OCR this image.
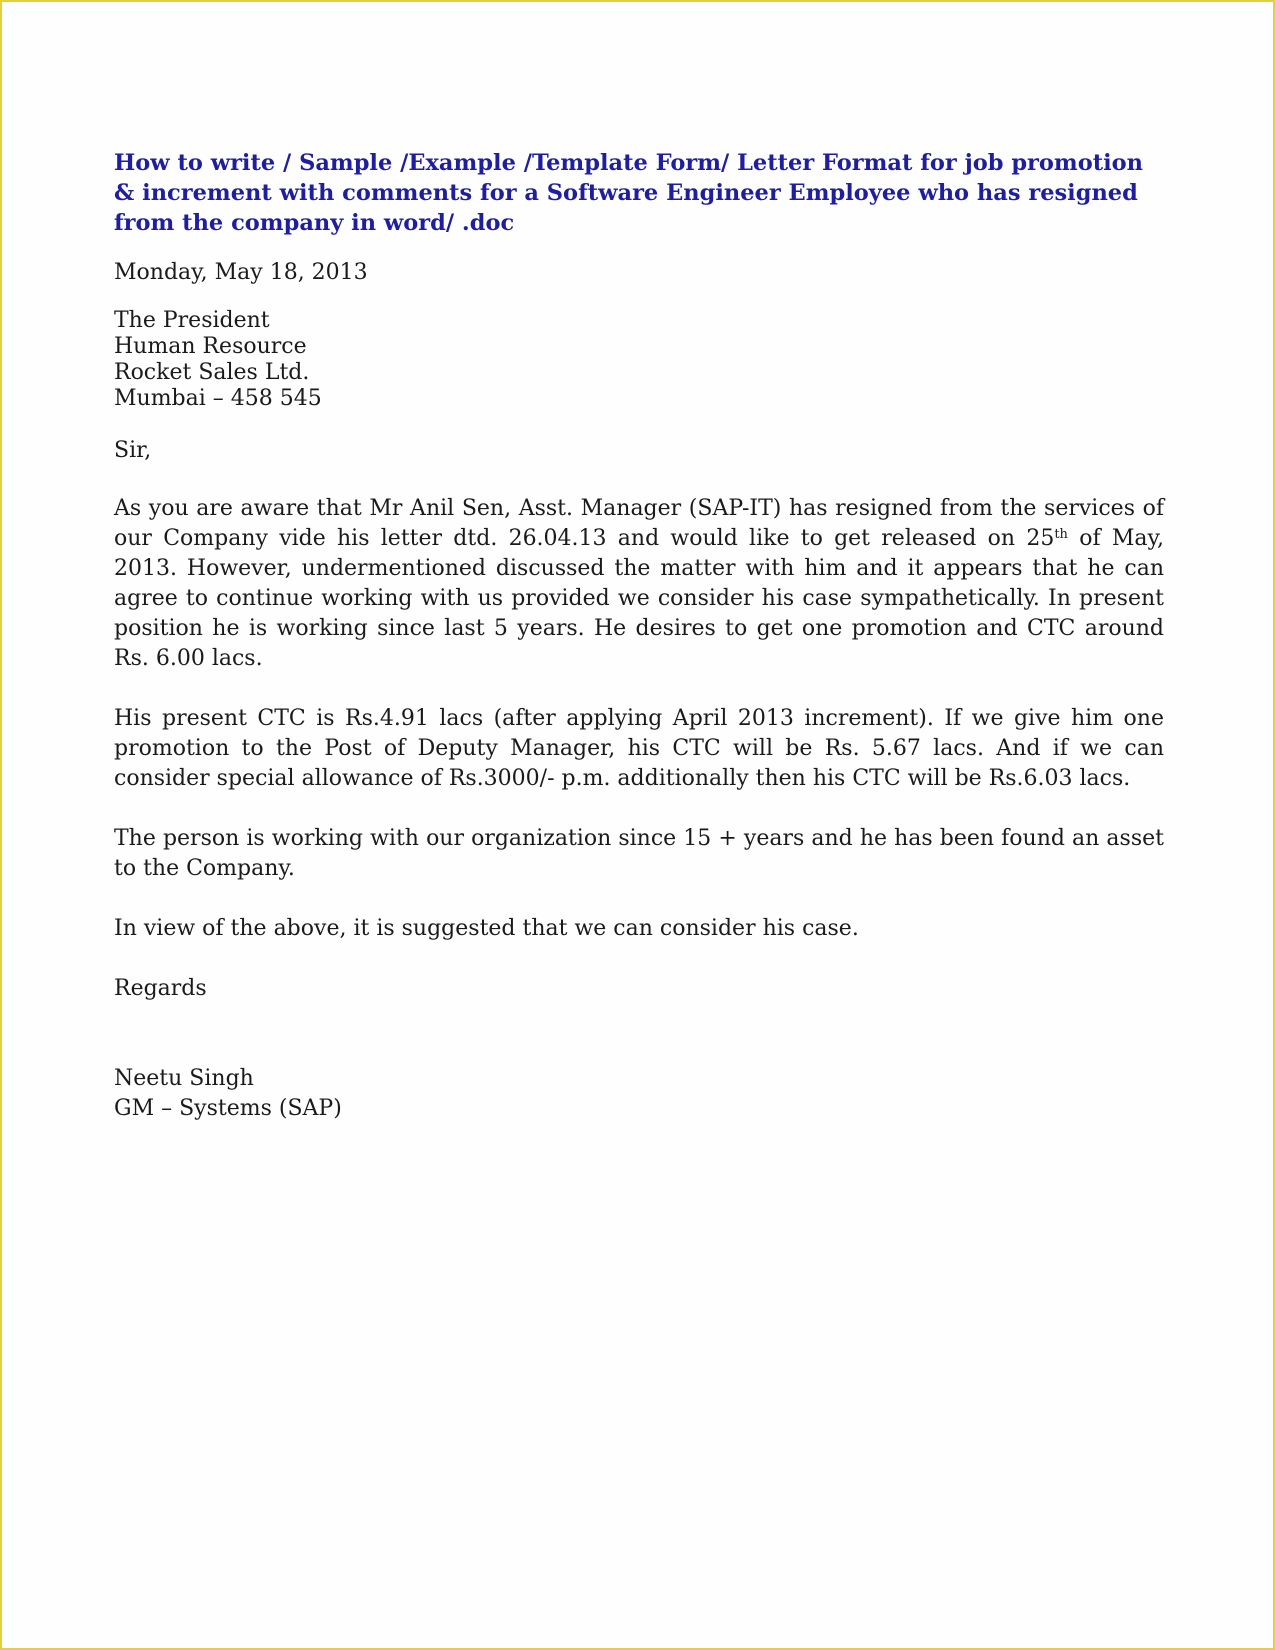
How to write / Sample /Example /Template Form/ Letter Format for job promotion & increment with comments for a Software Engineer Employee who has resigned from the company in word/ .doc
Monday, May 18, 2013
The President
Human Resource
Rocket Sales Ltd.
Mumbai – 458 545
Sir,
As you are aware that Mr Anil Sen, Asst. Manager (SAP-IT) has resigned from the services of our Company vide his letter dtd. 26.04.13 and would like to get released on 25th of May, 2013. However, undermentioned discussed the matter with him and it appears that he can agree to continue working with us provided we consider his case sympathetically. In present position he is working since last 5 years. He desires to get one promotion and CTC around Rs. 6.00 lacs.
His present CTC is Rs.4.91 lacs (after applying April 2013 increment). If we give him one promotion to the Post of Deputy Manager, his CTC will be Rs. 5.67 lacs. And if we can consider special allowance of Rs.3000/- p.m. additionally then his CTC will be Rs.6.03 lacs.
The person is working with our organization since 15 + years and he has been found an asset to the Company.
In view of the above, it is suggested that we can consider his case.
Regards
Neetu Singh
GM – Systems (SAP)
